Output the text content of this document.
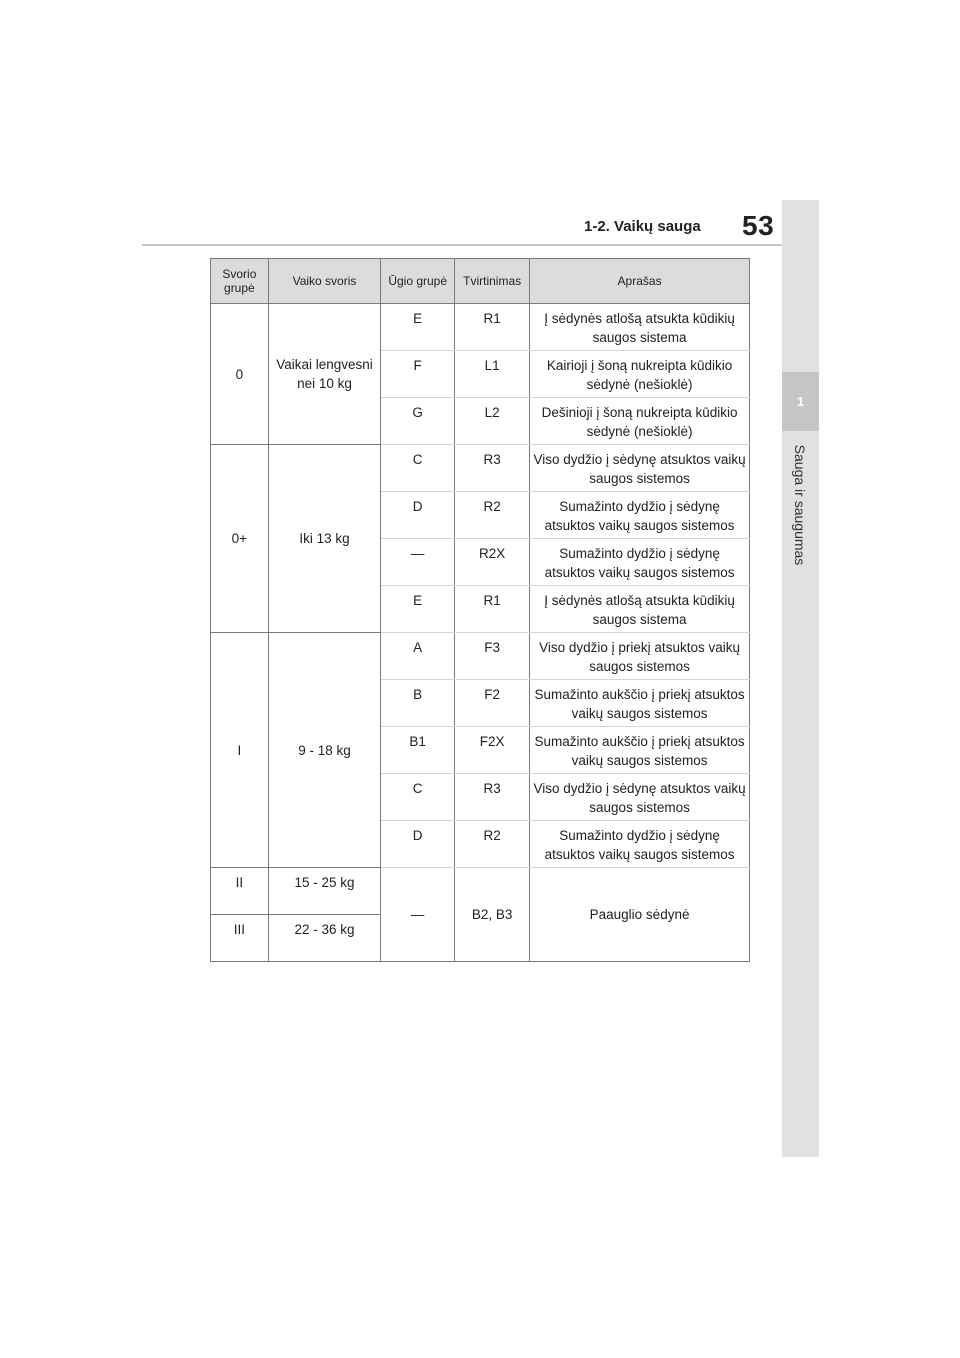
1
Sauga ir saugumas
1-2. Vaikų sauga 53
Svorio grupė	Vaiko svoris	Ūgio grupė	Tvirtinimas	Aprašas
0	Vaikai lengvesni nei 10 kg	E	R1	Į sėdynės atlošą atsukta kūdikių saugos sistema
		F	L1	Kairioji į šoną nukreipta kūdikio sėdynė (nešioklė)
		G	L2	Dešinioji į šoną nukreipta kūdikio sėdynė (nešioklė)
0+	Iki 13 kg	C	R3	Viso dydžio į sėdynę atsuktos vaikų saugos sistemos
		D	R2	Sumažinto dydžio į sėdynę atsuktos vaikų saugos sistemos
		—	R2X	Sumažinto dydžio į sėdynę atsuktos vaikų saugos sistemos
		E	R1	Į sėdynės atlošą atsukta kūdikių saugos sistema
I	9 - 18 kg	A	F3	Viso dydžio į priekį atsuktos vaikų saugos sistemos
		B	F2	Sumažinto aukščio į priekį atsuktos vaikų saugos sistemos
		B1	F2X	Sumažinto aukščio į priekį atsuktos vaikų saugos sistemos
		C	R3	Viso dydžio į sėdynę atsuktos vaikų saugos sistemos
		D	R2	Sumažinto dydžio į sėdynę atsuktos vaikų saugos sistemos
II	15 - 25 kg	—	B2, B3	Paauglio sėdynė
III	22 - 36 kg			
